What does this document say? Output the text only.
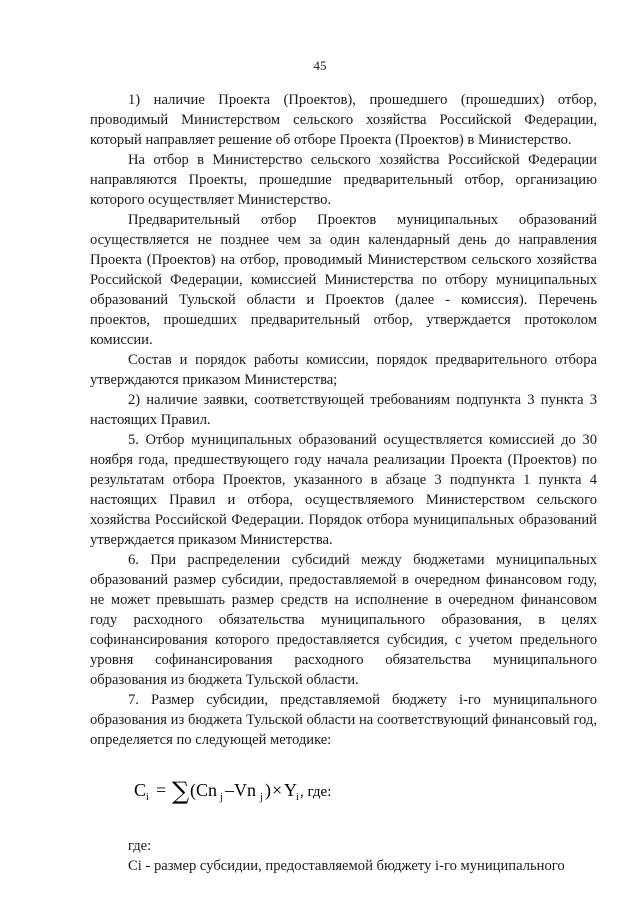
45

1) наличие Проекта (Проектов), прошедшего (прошедших) отбор, проводимый Министерством сельского хозяйства Российской Федерации, который направляет решение об отборе Проекта (Проектов) в Министерство.

На отбор в Министерство сельского хозяйства Российской Федерации направляются Проекты, прошедшие предварительный отбор, организацию которого осуществляет Министерство.

Предварительный отбор Проектов муниципальных образований осуществляется не позднее чем за один календарный день до направления Проекта (Проектов) на отбор, проводимый Министерством сельского хозяйства Российской Федерации, комиссией Министерства по отбору муниципальных образований Тульской области и Проектов (далее - комиссия). Перечень проектов, прошедших предварительный отбор, утверждается протоколом комиссии.

Состав и порядок работы комиссии, порядок предварительного отбора утверждаются приказом Министерства;

2) наличие заявки, соответствующей требованиям подпункта 3 пункта 3 настоящих Правил.

5. Отбор муниципальных образований осуществляется комиссией до 30 ноября года, предшествующего году начала реализации Проекта (Проектов) по результатам отбора Проектов, указанного в абзаце 3 подпункта 1 пункта 4 настоящих Правил и отбора, осуществляемого Министерством сельского хозяйства Российской Федерации. Порядок отбора муниципальных образований утверждается приказом Министерства.

6. При распределении субсидий между бюджетами муниципальных образований размер субсидии, предоставляемой в очередном финансовом году, не может превышать размер средств на исполнение в очередном финансовом году расходного обязательства муниципального образования, в целях софинансирования которого предоставляется субсидия, с учетом предельного уровня софинансирования расходного обязательства муниципального образования из бюджета Тульской области.

7. Размер субсидии, представляемой бюджету i-го муниципального образования из бюджета Тульской области на соответствующий финансовый год, определяется по следующей методике:

C i = ∑ (Cn j –Vn j ) × Y i , где:

где:

Ci - размер субсидии, предоставляемой бюджету i-го муниципального
